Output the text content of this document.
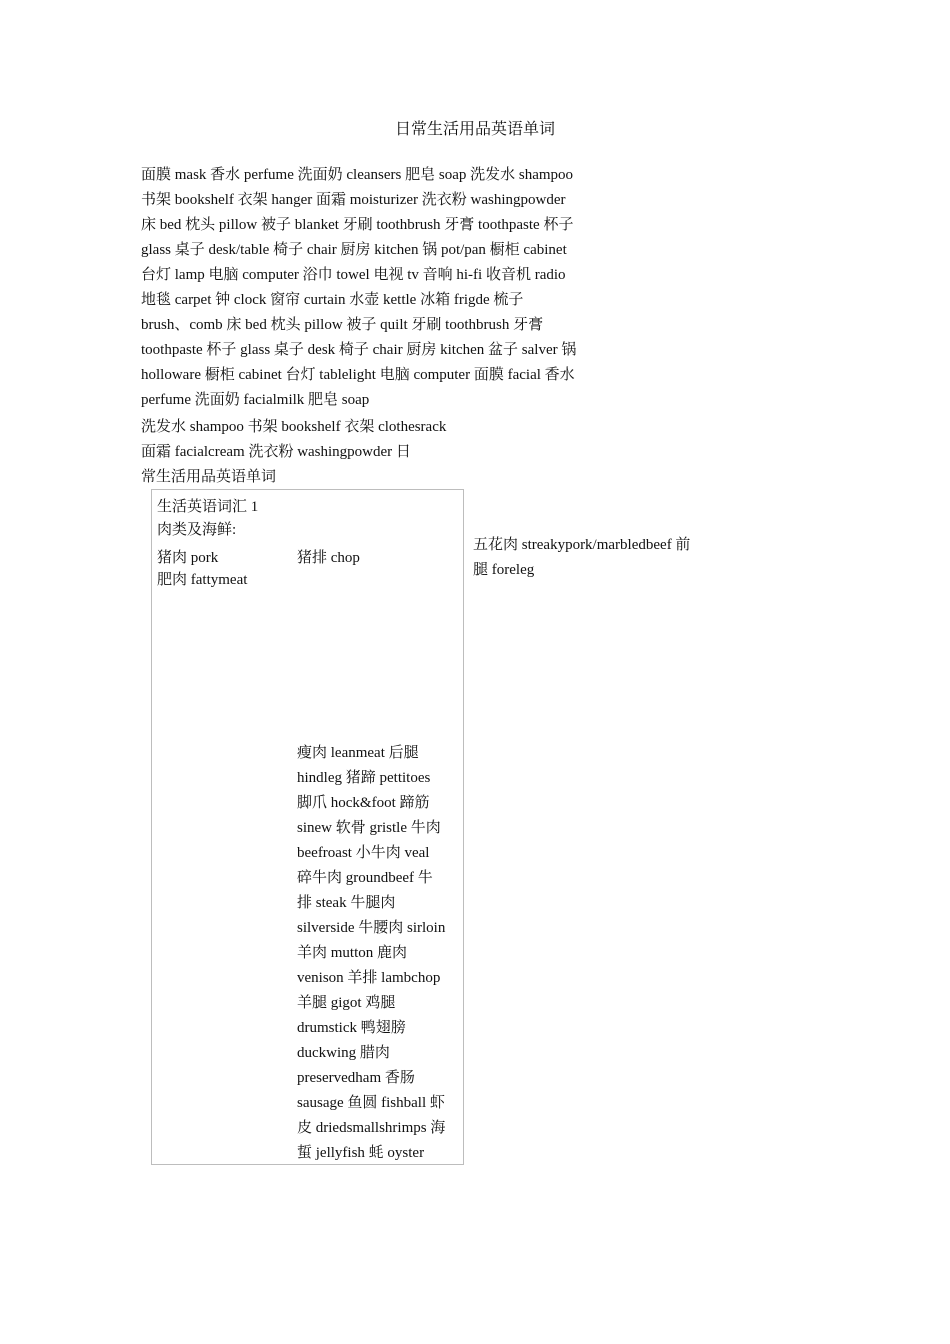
日常生活用品英语单词
面膜 mask 香水 perfume 洗面奶 cleansers 肥皂 soap 洗发水 shampoo
书架 bookshelf 衣架 hanger 面霜 moisturizer 洗衣粉 washingpowder
床 bed 枕头 pillow 被子 blanket 牙刷 toothbrush 牙膏 toothpaste 杯子
glass 桌子 desk/table 椅子 chair 厨房 kitchen 锅 pot/pan 橱柜 cabinet
台灯 lamp 电脑 computer 浴巾 towel 电视 tv 音响 hi-fi 收音机 radio
地毯 carpet 钟 clock 窗帘 curtain 水壶 kettle 冰箱 frigde 梳子
brush、comb 床 bed 枕头 pillow 被子 quilt 牙刷 toothbrush 牙膏
toothpaste 杯子 glass 桌子 desk 椅子 chair 厨房 kitchen 盆子 salver 锅
holloware 橱柜 cabinet 台灯 tablelight 电脑 computer 面膜 facial 香水
perfume 洗面奶 facialmilk 肥皂 soap
洗发水 shampoo 书架 bookshelf 衣架 clothesrack
面霜 facialcream 洗衣粉 washingpowder 日
常生活用品英语单词
生活英语词汇 1
肉类及海鲜:
猪肉 pork
肥肉 fattymeat
猪排 chop
瘦肉 leanmeat 后腿
hindleg 猪蹄 pettitoes
脚爪 hock&foot 蹄筋
sinew 软骨 gristle 牛肉
beefroast 小牛肉 veal
碎牛肉 groundbeef 牛
排 steak 牛腿肉
silverside 牛腰肉 sirloin
羊肉 mutton 鹿肉
venison 羊排 lambchop
羊腿 gigot 鸡腿
drumstick 鸭翅膀
duckwing 腊肉
preservedham 香肠
sausage 鱼圆 fishball 虾
皮 driedsmallshrimps 海
蜇 jellyfish 蚝 oyster
五花肉 streakypork/marbledbeef 前
腿 foreleg
